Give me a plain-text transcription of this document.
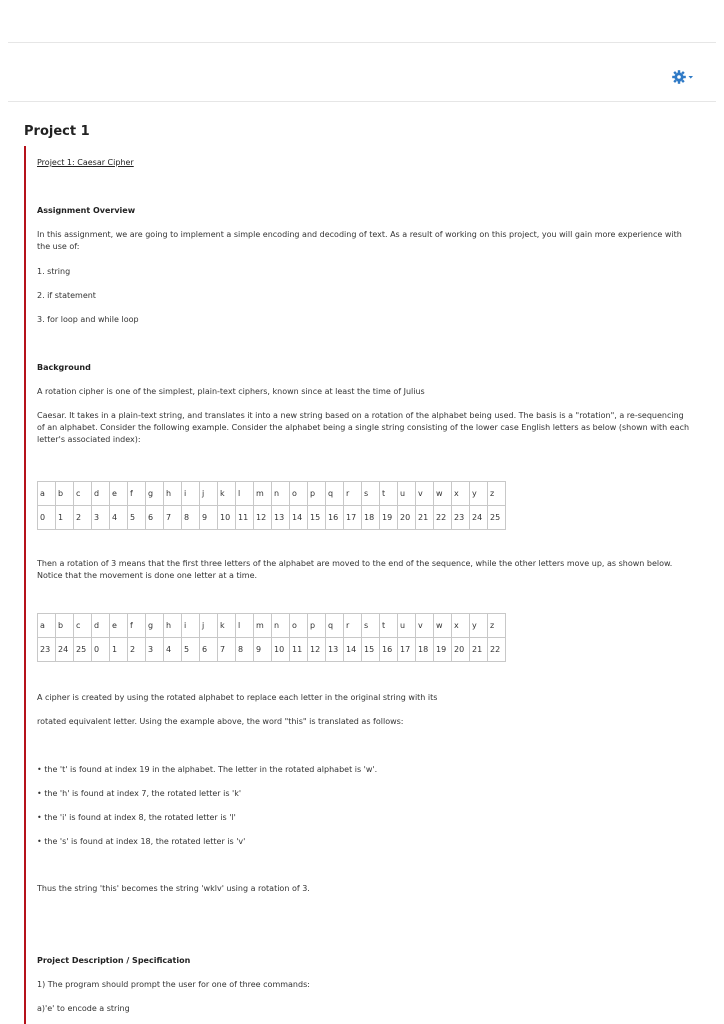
Project 1
Project 1: Caesar Cipher
Assignment Overview
In this assignment, we are going to implement a simple encoding and decoding of text. As a result of working on this project, you will gain more experience with the use of:
1. string
2. if statement
3. for loop and while loop
Background
A rotation cipher is one of the simplest, plain-text ciphers, known since at least the time of Julius
Caesar. It takes in a plain-text string, and translates it into a new string based on a rotation of the alphabet being used. The basis is a "rotation", a re-sequencing of an alphabet. Consider the following example. Consider the alphabet being a single string consisting of the lower case English letters as below (shown with each letter's associated index):
a	b	c	d	e	f	g	h	i	j	k	l	m	n	o	p	q	r	s	t	u	v	w	x	y	z
0	1	2	3	4	5	6	7	8	9	10	11	12	13	14	15	16	17	18	19	20	21	22	23	24	25
Then a rotation of 3 means that the first three letters of the alphabet are moved to the end of the sequence, while the other letters move up, as shown below. Notice that the movement is done one letter at a time.
a	b	c	d	e	f	g	h	i	j	k	l	m	n	o	p	q	r	s	t	u	v	w	x	y	z
23	24	25	0	1	2	3	4	5	6	7	8	9	10	11	12	13	14	15	16	17	18	19	20	21	22
A cipher is created by using the rotated alphabet to replace each letter in the original string with its
rotated equivalent letter. Using the example above, the word "this" is translated as follows:
• the 't' is found at index 19 in the alphabet. The letter in the rotated alphabet is 'w'.
• the 'h' is found at index 7, the rotated letter is 'k'
• the 'i' is found at index 8, the rotated letter is 'l'
• the 's' is found at index 18, the rotated letter is 'v'
Thus the string 'this' becomes the string 'wklv' using a rotation of 3.
Project Description / Specification
1) The program should prompt the user for one of three commands:
a)'e' to encode a string
